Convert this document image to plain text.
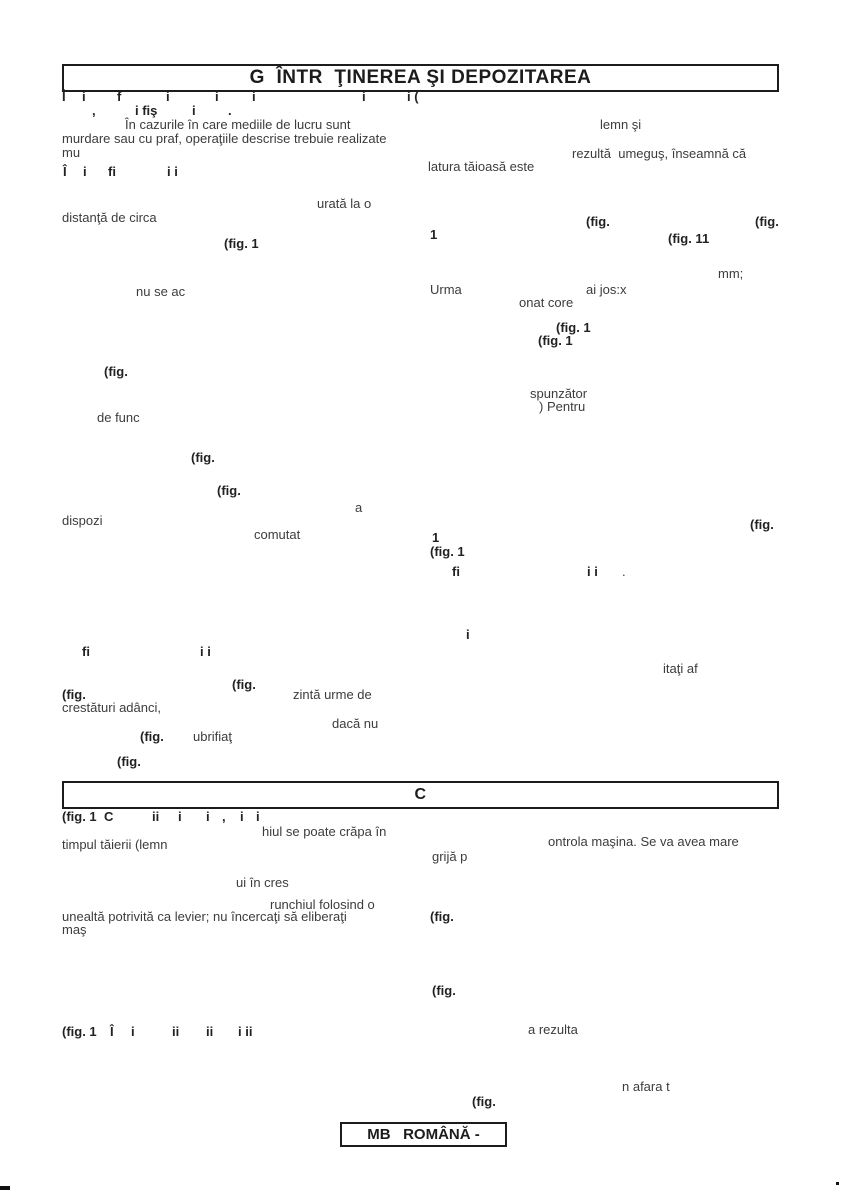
G  ÎNTR  ŢINEREA ŞI DEPOZITAREA
Î i f	i	i	i	i	i (
,	i fiş	i .
În cazurile în care mediile de lucru sunt	lemn şi
murdare sau cu praf, operaţiile descrise trebuie realizate
rezultă  umeguş, înseamnă că
mu
latura tăioasă este
Î i fi	i i
urată la o
distanţă de circa	(fig.	(fig.
1	(fig. 11
(fig. 1
mm;
nu se ac	Urma	ai jos:x
onat core
(fig. 1
(fig. 1
(fig.
spunzător
) Pentru
de func
(fig.
(fig.
a
dispozi	(fig.
comutat	1
(fig. 1
fi	i i .
i
fi	i i
itaţi af
(fig.
(fig.	zintă urme de
crestături adânci,
dacă nu
(fig. ubrifiaţ
(fig.
C
(fig. 1 C	ii i i , i i
hiul se poate crăpa în
ontrola maşina. Se va avea mare
timpul tăierii (lemn
grijă p
ui în cres
runchiul folosind o
unealtă potrivită ca levier; nu încercaţi să eliberaţi	(fig.
maş
(fig.
(fig. 1 Î i	ii ii i ii	a rezulta
n afara t
(fig.
MB   ROMÂNĂ -
